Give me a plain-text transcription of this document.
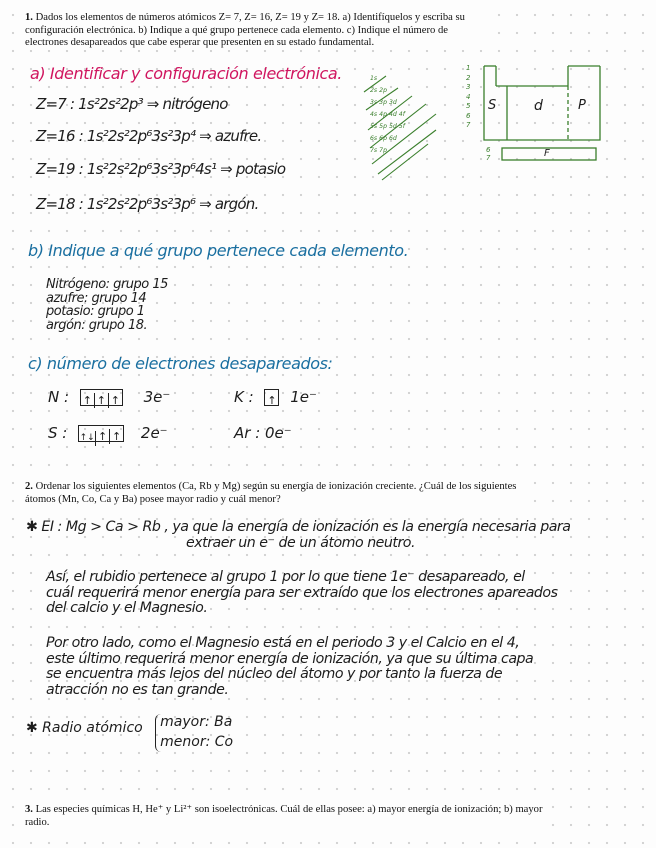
1. Dados los elementos de números atómicos Z= 7, Z= 16, Z= 19 y Z= 18. a) Identifíquelos y escriba su configuración electrónica. b) Indique a qué grupo pertenece cada elemento. c) Indique el número de electrones desapareados que cabe esperar que presenten en su estado fundamental.
a) Identificar y configuración electrónica.
Z=7 : 1s²2s²2p³ ⇒ nitrógeno
Z=16 : 1s²2s²2p⁶3s²3p⁴ ⇒ azufre.
Z=19 : 1s²2s²2p⁶3s²3p⁶4s¹ ⇒ potasio
Z=18 : 1s²2s²2p⁶3s²3p⁶ ⇒ argón.
1s
2s 2p
3s 3p 3d
4s 4p 4d 4f
5s 5p 5d 5f
6s 6p 6d
7s 7p
1
2
3
4
5
6
7
6
7
S	d	P
F
b) Indique a qué grupo pertenece cada elemento.
Nitrógeno: grupo 15
azufre: grupo 14
potasio: grupo 1
argón: grupo 18.
c) número de electrones desapareados:
N : ↑ ↑ ↑ 3e⁻	K : ↑ 1e⁻
S : ↑↓ ↑ ↑ 2e⁻	Ar : 0e⁻
2. Ordenar los siguientes elementos (Ca, Rb y Mg) según su energía de ionización creciente. ¿Cuál de los siguientes átomos (Mn, Co, Ca y Ba) posee mayor radio y cuál menor?
✱ EI : Mg > Ca > Rb , ya que la energía de ionización es la energía necesaria para
extraer un e⁻ de un átomo neutro.
Así, el rubidio pertenece al grupo 1 por lo que tiene 1e⁻ desapareado, el
cuál requerirá menor energía para ser extraído que los electrones apareados
del calcio y el Magnesio.
Por otro lado, como el Magnesio está en el periodo 3 y el Calcio en el 4,
este último requerirá menor energía de ionización, ya que su última capa
se encuentra más lejos del núcleo del átomo y por tanto la fuerza de
atracción no es tan grande.
✱ Radio atómico mayor: Ba
menor: Co
3. Las especies químicas H, He⁺ y Li²⁺ son isoelectrónicas. Cuál de ellas posee: a) mayor energía de ionización; b) mayor radio.
